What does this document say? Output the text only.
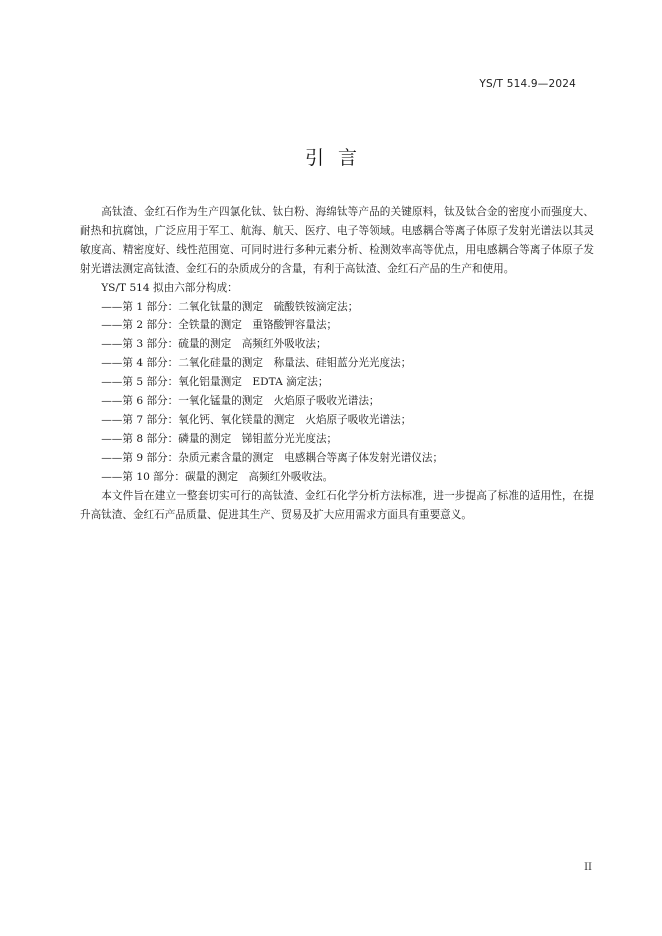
YS/T 514.9—2024
引言

高钛渣、金红石作为生产四氯化钛、钛白粉、海绵钛等产品的关键原料，钛及钛合金的密度小而强度大、耐热和抗腐蚀，广泛应用于军工、航海、航天、医疗、电子等领域。电感耦合等离子体原子发射光谱法以其灵敏度高、精密度好、线性范围宽、可同时进行多种元素分析、检测效率高等优点，用电感耦合等离子体原子发射光谱法测定高钛渣、金红石的杂质成分的含量，有利于高钛渣、金红石产品的生产和使用。

YS/T 514 拟由六部分构成：

——第 1 部分：二氧化钛量的测定　硫酸铁铵滴定法；
——第 2 部分：全铁量的测定　重铬酸钾容量法；
——第 3 部分：硫量的测定　高频红外吸收法；
——第 4 部分：二氧化硅量的测定　称量法、硅钼蓝分光光度法；
——第 5 部分：氧化铝量测定　EDTA 滴定法；
——第 6 部分：一氧化锰量的测定　火焰原子吸收光谱法；
——第 7 部分：氧化钙、氧化镁量的测定　火焰原子吸收光谱法；
——第 8 部分：磷量的测定　锑钼蓝分光光度法；
——第 9 部分：杂质元素含量的测定　电感耦合等离子体发射光谱仪法；
——第 10 部分：碳量的测定　高频红外吸收法。

本文件旨在建立一整套切实可行的高钛渣、金红石化学分析方法标准，进一步提高了标准的适用性，在提升高钛渣、金红石产品质量、促进其生产、贸易及扩大应用需求方面具有重要意义。

II
